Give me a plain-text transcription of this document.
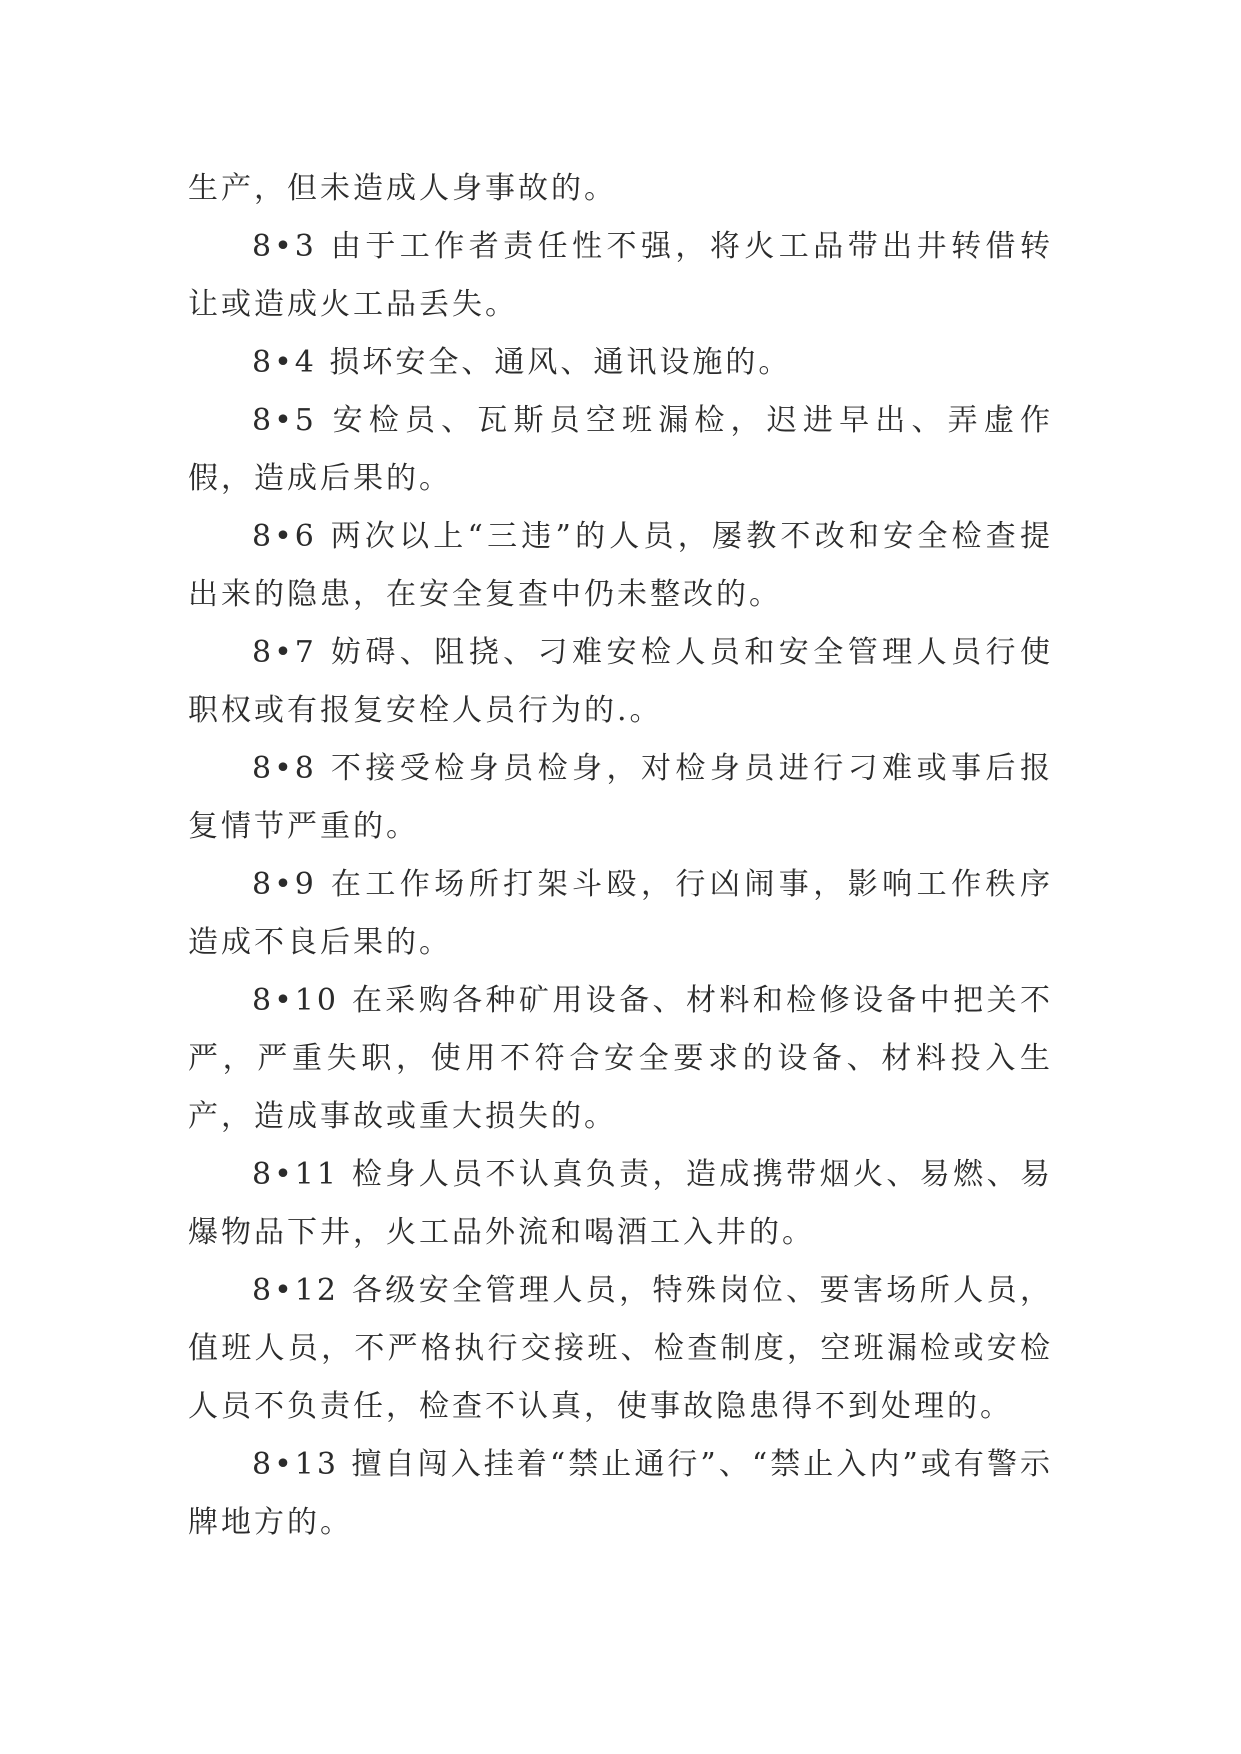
生产，但未造成人身事故的。

8•3 由于工作者责任性不强，将火工品带出井转借转让或造成火工品丢失。

8•4 损坏安全、通风、通讯设施的。

8•5 安检员、瓦斯员空班漏检，迟进早出、弄虚作假，造成后果的。

8•6 两次以上“三违”的人员，屡教不改和安全检查提出来的隐患，在安全复查中仍未整改的。

8•7 妨碍、阻挠、刁难安检人员和安全管理人员行使职权或有报复安栓人员行为的.。

8•8 不接受检身员检身，对检身员进行刁难或事后报复情节严重的。

8•9 在工作场所打架斗殴，行凶闹事，影响工作秩序造成不良后果的。

8•10 在采购各种矿用设备、材料和检修设备中把关不严，严重失职，使用不符合安全要求的设备、材料投入生产，造成事故或重大损失的。

8•11 检身人员不认真负责，造成携带烟火、易燃、易爆物品下井，火工品外流和喝酒工入井的。

8•12 各级安全管理人员，特殊岗位、要害场所人员，值班人员，不严格执行交接班、检查制度，空班漏检或安检人员不负责任，检查不认真，使事故隐患得不到处理的。

8•13 擅自闯入挂着“禁止通行”、“禁止入内”或有警示牌地方的。
